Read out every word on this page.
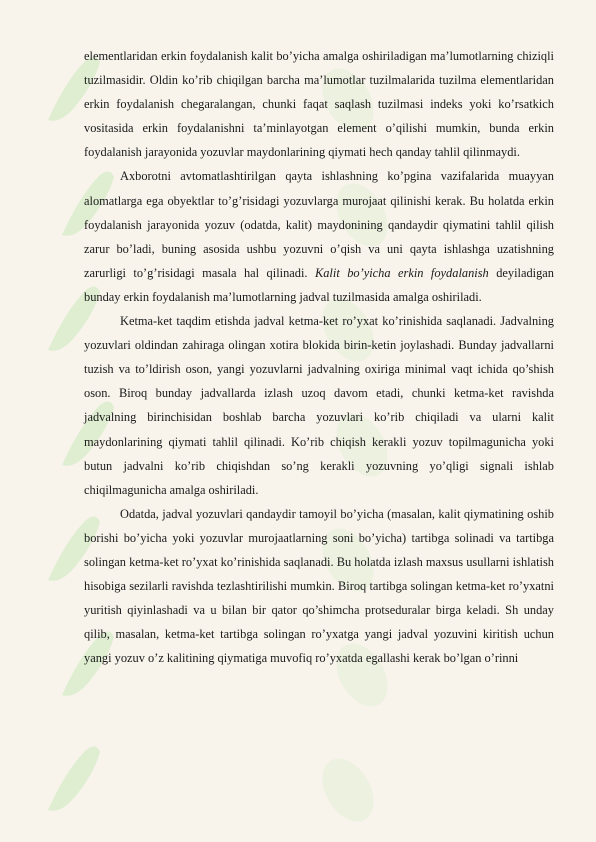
elementlaridan erkin foydalanish kalit bo’yicha amalga oshiriladigan ma’lumotlarning chiziqli tuzilmasidir. Oldin ko’rib chiqilgan barcha ma’lumotlar tuzilmalarida tuzilma elementlaridan erkin foydalanish chegaralangan, chunki faqat saqlash tuzilmasi indeks yoki ko’rsatkich vositasida erkin foydalanishni ta’minlayotgan element o’qilishi mumkin, bunda erkin foydalanish jarayonida yozuvlar maydonlarining qiymati hech qanday tahlil qilinmaydi.

Axborotni avtomatlashtirilgan qayta ishlashning ko’pgina vazifalarida muayyan alomatlarga ega obyektlar to’g’risidagi yozuvlarga murojaat qilinishi kerak. Bu holatda erkin foydalanish jarayonida yozuv (odatda, kalit) maydonining qandaydir qiymatini tahlil qilish zarur bo’ladi, buning asosida ushbu yozuvni o’qish va uni qayta ishlashga uzatishning zarurligi to’g’risidagi masala hal qilinadi. Kalit bo’yicha erkin foydalanish deyiladigan bunday erkin foydalanish ma’lumotlarning jadval tuzilmasida amalga oshiriladi.

Ketma-ket taqdim etishda jadval ketma-ket ro’yxat ko’rinishida saqlanadi. Jadvalning yozuvlari oldindan zahiraga olingan xotira blokida birin-ketin joylashadi. Bunday jadvallarni tuzish va to’ldirish oson, yangi yozuvlarni jadvalning oxiriga minimal vaqt ichida qo’shish oson. Biroq bunday jadvallarda izlash uzoq davom etadi, chunki ketma-ket ravishda jadvalning birinchisidan boshlab barcha yozuvlari ko’rib chiqiladi va ularni kalit maydonlarining qiymati tahlil qilinadi. Ko’rib chiqish kerakli yozuv topilmagunicha yoki butun jadvalni ko’rib chiqishdan so’ng kerakli yozuvning yo’qligi signali ishlab chiqilmagunicha amalga oshiriladi.

Odatda, jadval yozuvlari qandaydir tamoyil bo’yicha (masalan, kalit qiymatining oshib borishi bo’yicha yoki yozuvlar murojaatlarning soni bo’yicha) tartibga solinadi va tartibga solingan ketma-ket ro’yxat ko’rinishida saqlanadi. Bu holatda izlash maxsus usullarni ishlatish hisobiga sezilarli ravishda tezlashtirilishi mumkin. Biroq tartibga solingan ketma-ket ro’yxatni yuritish qiyinlashadi va u bilan bir qator qo’shimcha protseduralar birga keladi. Sh unday qilib, masalan, ketma-ket tartibga solingan ro’yxatga yangi jadval yozuvini kiritish uchun yangi yozuv o’z kalitining qiymatiga muvofiq ro’yxatda egallashi kerak bo’lgan o’rinni
